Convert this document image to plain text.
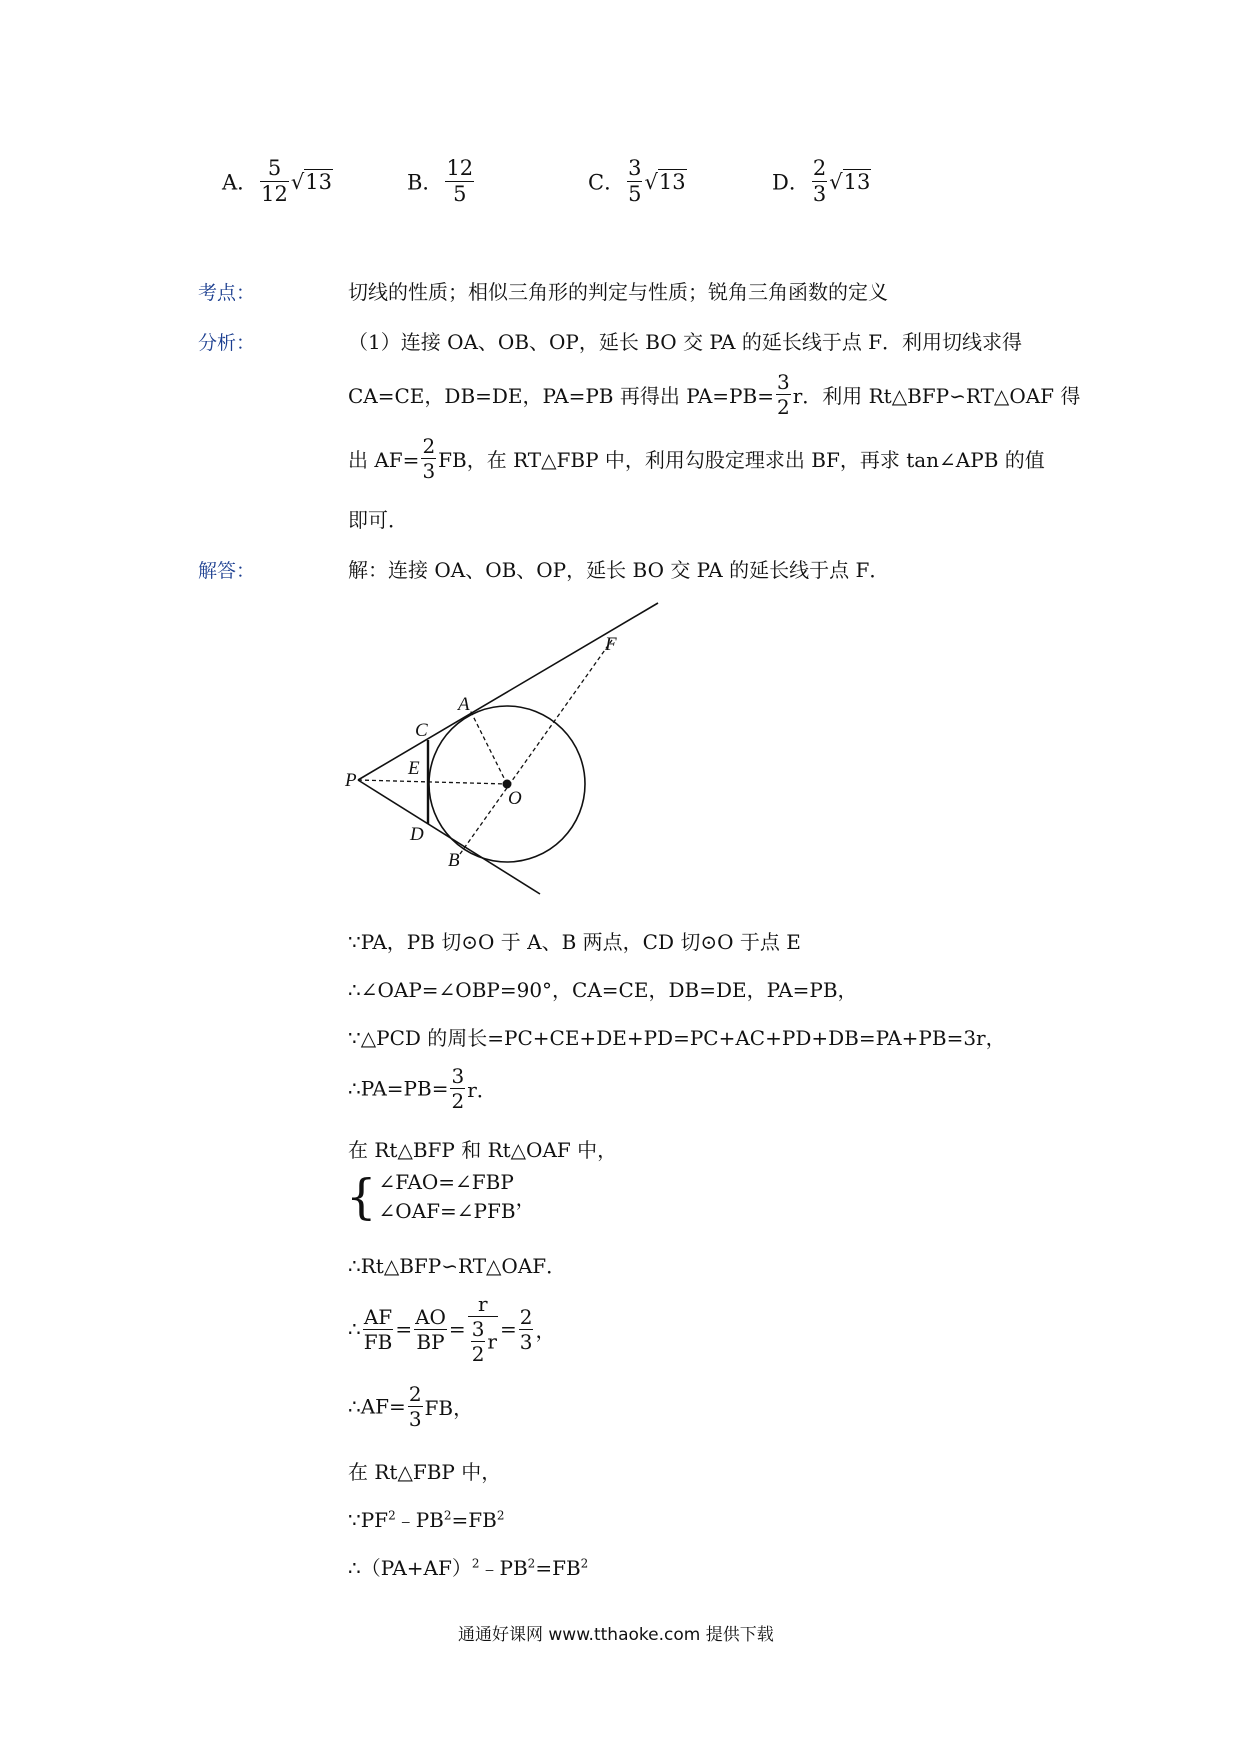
A． $\frac{5}{12} √13$	B． $\frac{12}{5}$	C． $\frac{3}{5} √13$	D． $\frac{2}{3} √13$
考点：	切线的性质；相似三角形的判定与性质；锐角三角函数的定义
分析：	（1）连接 OA、OB、OP，延长 BO 交 PA 的延长线于点 F．利用切线求得
CA=CE，DB=DE，PA=PB 再得出 $PA=PB= \frac{3}{2}$ r．利用 Rt△BFP∽RT△OAF 得
出 $AF= \frac{2}{3}$ FB，在 RT△FBP 中，利用勾股定理求出 BF，再求 tan∠APB 的值
即可．
解答：	解：连接 OA、OB、OP，延长 BO 交 PA 的延长线于点 F．
A
B
C
D
E
F
O
P
∵PA，PB 切⊙O 于 A、B 两点，CD 切⊙O 于点 E
∴∠OAP=∠OBP=90°，CA=CE，DB=DE，PA=PB，
∵△PCD 的周长=PC+CE+DE+PD=PC+AC+PD+DB=PA+PB=3r，
∴PA=PB= $\frac{3}{2}$ r．
在 Rt△BFP 和 Rt△OAF 中，
{ ∠FAO=∠FBP
∠OAF=∠PFB
，
∴Rt△BFP∽RT△OAF．
∴ $\frac{AF}{FB} = \frac{AO}{BP} = \frac{r}{\frac{3}{2} r} = \frac{2}{3}$ ，
∴AF= $\frac{2}{3}$ FB，
在 Rt△FBP 中，
$\because PF^2﹣PB^2=FB^2$
$\therefore(PA+AF)^2﹣PB^2=FB^2$
通通好课网 www.tthaoke.com 提供下载
